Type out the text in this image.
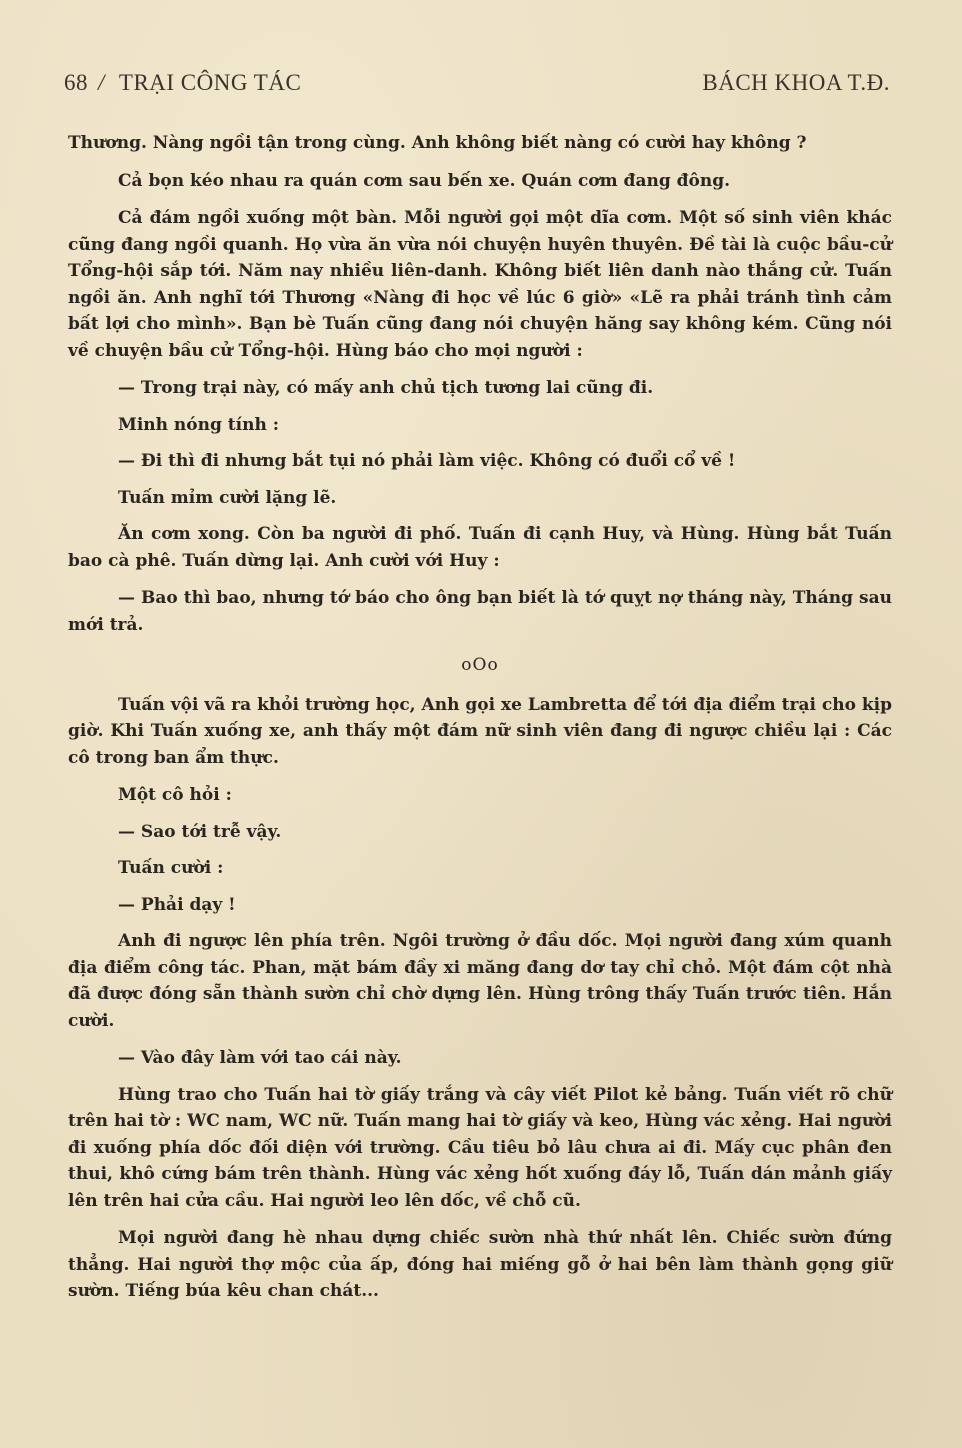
68 / TRẠI CÔNG TÁC	BÁCH KHOA T.Đ.

Thương. Nàng ngồi tận trong cùng. Anh không biết nàng có cười hay không ?

Cả bọn kéo nhau ra quán cơm sau bến xe. Quán cơm đang đông.

Cả đám ngồi xuống một bàn. Mỗi người gọi một dĩa cơm. Một số sinh viên khác cũng đang ngồi quanh. Họ vừa ăn vừa nói chuyện huyên thuyên. Đề tài là cuộc bầu-cử Tổng-hội sắp tới. Năm nay nhiều liên-danh. Không biết liên danh nào thắng cử. Tuấn ngồi ăn. Anh nghĩ tới Thương «Nàng đi học về lúc 6 giờ» «Lẽ ra phải tránh tình cảm bất lợi cho mình». Bạn bè Tuấn cũng đang nói chuyện hăng say không kém. Cũng nói về chuyện bầu cử Tổng-hội. Hùng báo cho mọi người :

— Trong trại này, có mấy anh chủ tịch tương lai cũng đi.

Minh nóng tính :

— Đi thì đi nhưng bắt tụi nó phải làm việc. Không có đuổi cổ về !

Tuấn mỉm cười lặng lẽ.

Ăn cơm xong. Còn ba người đi phố. Tuấn đi cạnh Huy, và Hùng. Hùng bắt Tuấn bao cà phê. Tuấn dừng lại. Anh cười với Huy :

— Bao thì bao, nhưng tớ báo cho ông bạn biết là tớ quỵt nợ tháng này, Tháng sau mới trả.

oOo

Tuấn vội vã ra khỏi trường học, Anh gọi xe Lambretta để tới địa điểm trại cho kịp giờ. Khi Tuấn xuống xe, anh thấy một đám nữ sinh viên đang đi ngược chiều lại : Các cô trong ban ẩm thực.

Một cô hỏi :

— Sao tới trễ vậy.

Tuấn cười :

— Phải dạy !

Anh đi ngược lên phía trên. Ngôi trường ở đầu dốc. Mọi người đang xúm quanh địa điểm công tác. Phan, mặt bám đầy xi măng đang dơ tay chỉ chỏ. Một đám cột nhà đã được đóng sẵn thành sườn chỉ chờ dựng lên. Hùng trông thấy Tuấn trước tiên. Hắn cười.

— Vào đây làm với tao cái này.

Hùng trao cho Tuấn hai tờ giấy trắng và cây viết Pilot kẻ bảng. Tuấn viết rõ chữ trên hai tờ : WC nam, WC nữ. Tuấn mang hai tờ giấy và keo, Hùng vác xẻng. Hai người đi xuống phía dốc đối diện với trường. Cầu tiêu bỏ lâu chưa ai đi. Mấy cục phân đen thui, khô cứng bám trên thành. Hùng vác xẻng hốt xuống đáy lỗ, Tuấn dán mảnh giấy lên trên hai cửa cầu. Hai người leo lên dốc, về chỗ cũ.

Mọi người đang hè nhau dựng chiếc sườn nhà thứ nhất lên. Chiếc sườn đứng thẳng. Hai người thợ mộc của ấp, đóng hai miếng gỗ ở hai bên làm thành gọng giữ sườn. Tiếng búa kêu chan chát...
